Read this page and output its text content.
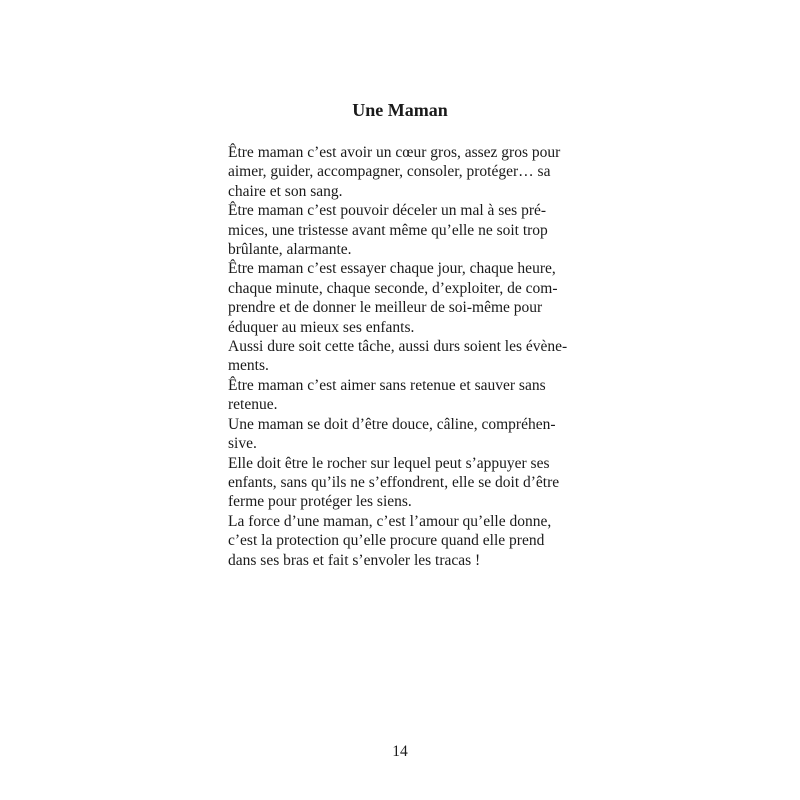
Une Maman
Être maman c’est avoir un cœur gros, assez gros pour
aimer, guider, accompagner, consoler, protéger… sa
chaire et son sang.
Être maman c’est pouvoir déceler un mal à ses pré-
mices, une tristesse avant même qu’elle ne soit trop
brûlante, alarmante.
Être maman c’est essayer chaque jour, chaque heure,
chaque minute, chaque seconde, d’exploiter, de com-
prendre et de donner le meilleur de soi-même pour
éduquer au mieux ses enfants.
Aussi dure soit cette tâche, aussi durs soient les évène-
ments.
Être maman c’est aimer sans retenue et sauver sans
retenue.
Une maman se doit d’être douce, câline, compréhen-
sive.
Elle doit être le rocher sur lequel peut s’appuyer ses
enfants, sans qu’ils ne s’effondrent, elle se doit d’être
ferme pour protéger les siens.
La force d’une maman, c’est l’amour qu’elle donne,
c’est la protection qu’elle procure quand elle prend
dans ses bras et fait s’envoler les tracas !
14
